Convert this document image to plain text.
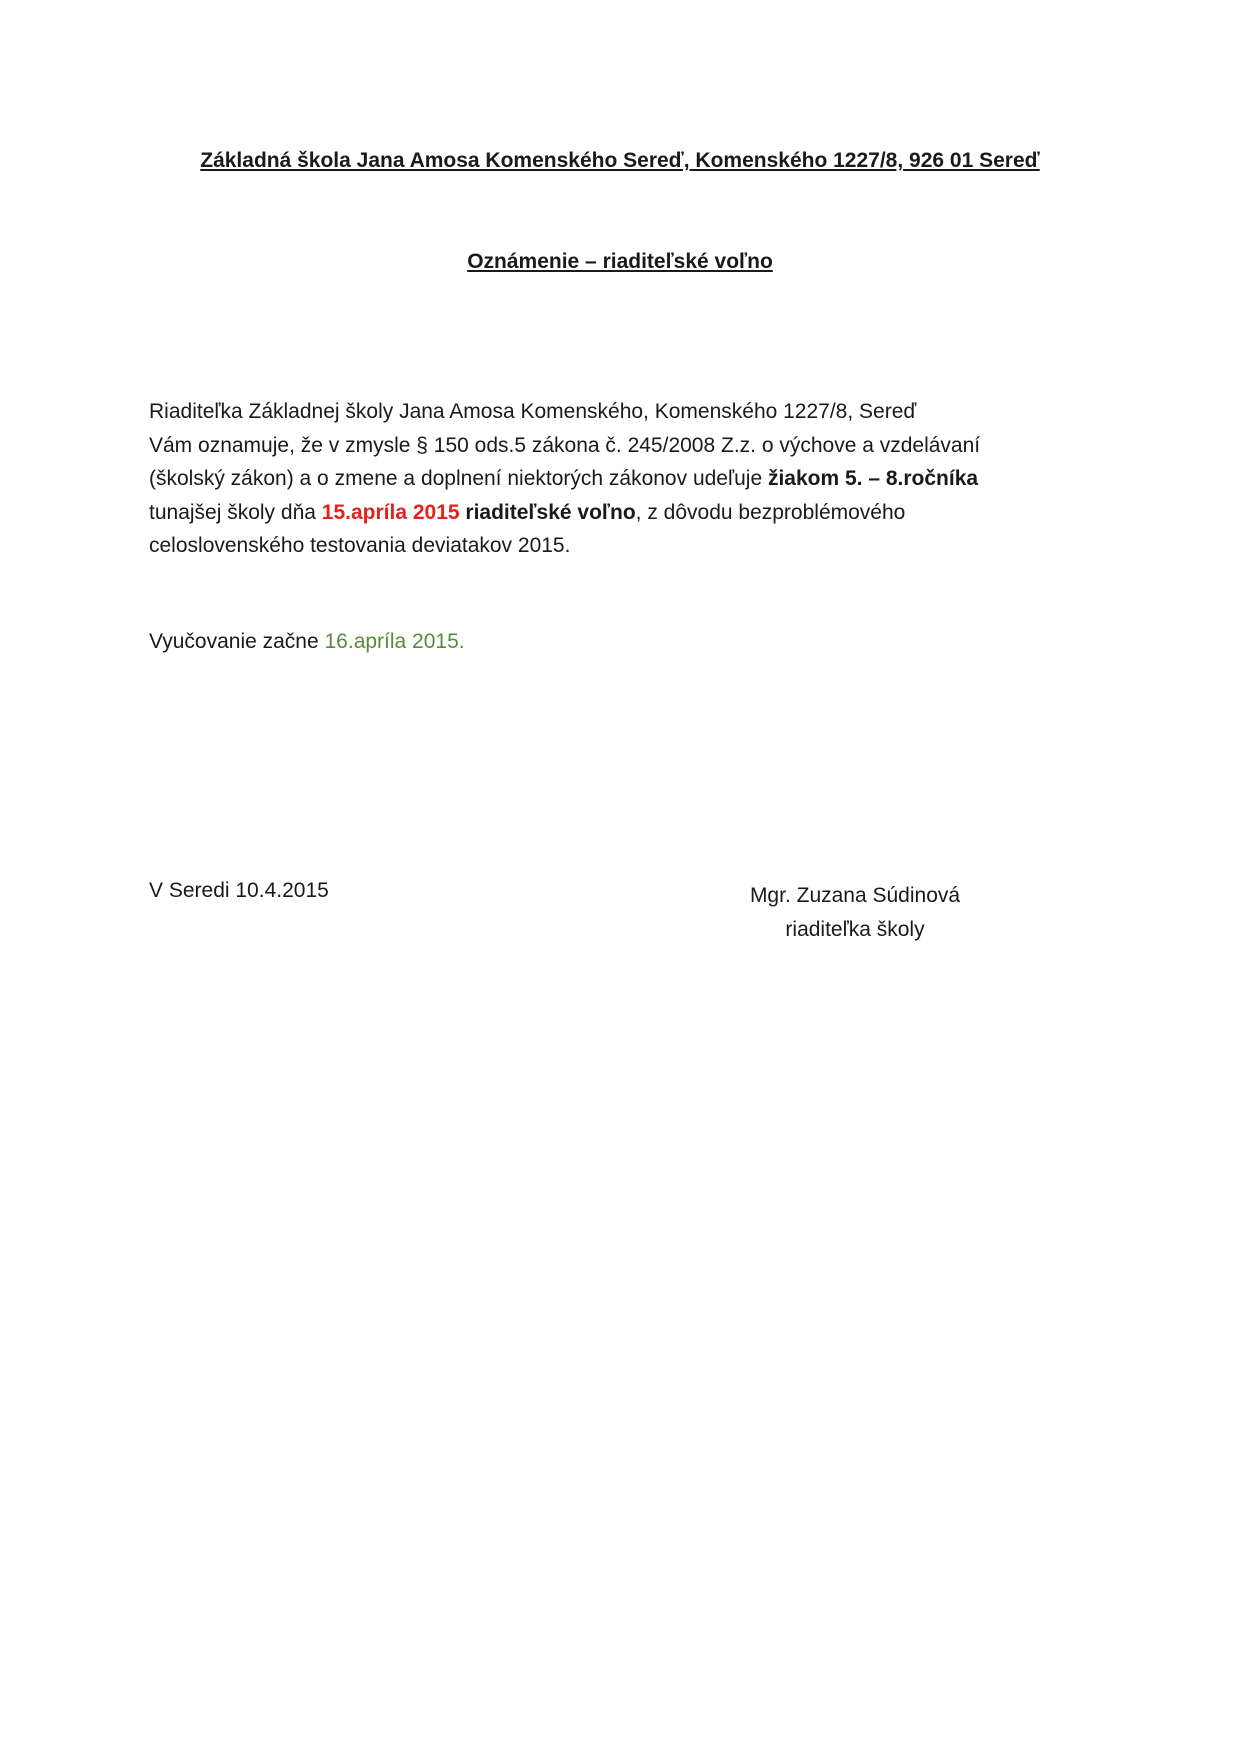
Základná škola Jana Amosa Komenského Sereď, Komenského 1227/8, 926 01 Sereď
Oznámenie – riaditeľské voľno
Riaditeľka Základnej školy Jana Amosa Komenského, Komenského 1227/8, Sereď
Vám oznamuje, že v zmysle § 150 ods.5 zákona č. 245/2008 Z.z. o výchove a vzdelávaní
(školský zákon) a o zmene a doplnení niektorých zákonov udeľuje žiakom 5. – 8.ročníka
tunajšej školy dňa 15.apríla 2015 riaditeľské voľno, z dôvodu bezproblémového
celoslovenského testovania deviatakov 2015.
Vyučovanie začne 16.apríla 2015.
V Seredi 10.4.2015	Mgr. Zuzana Súdinová
riaditeľka školy
